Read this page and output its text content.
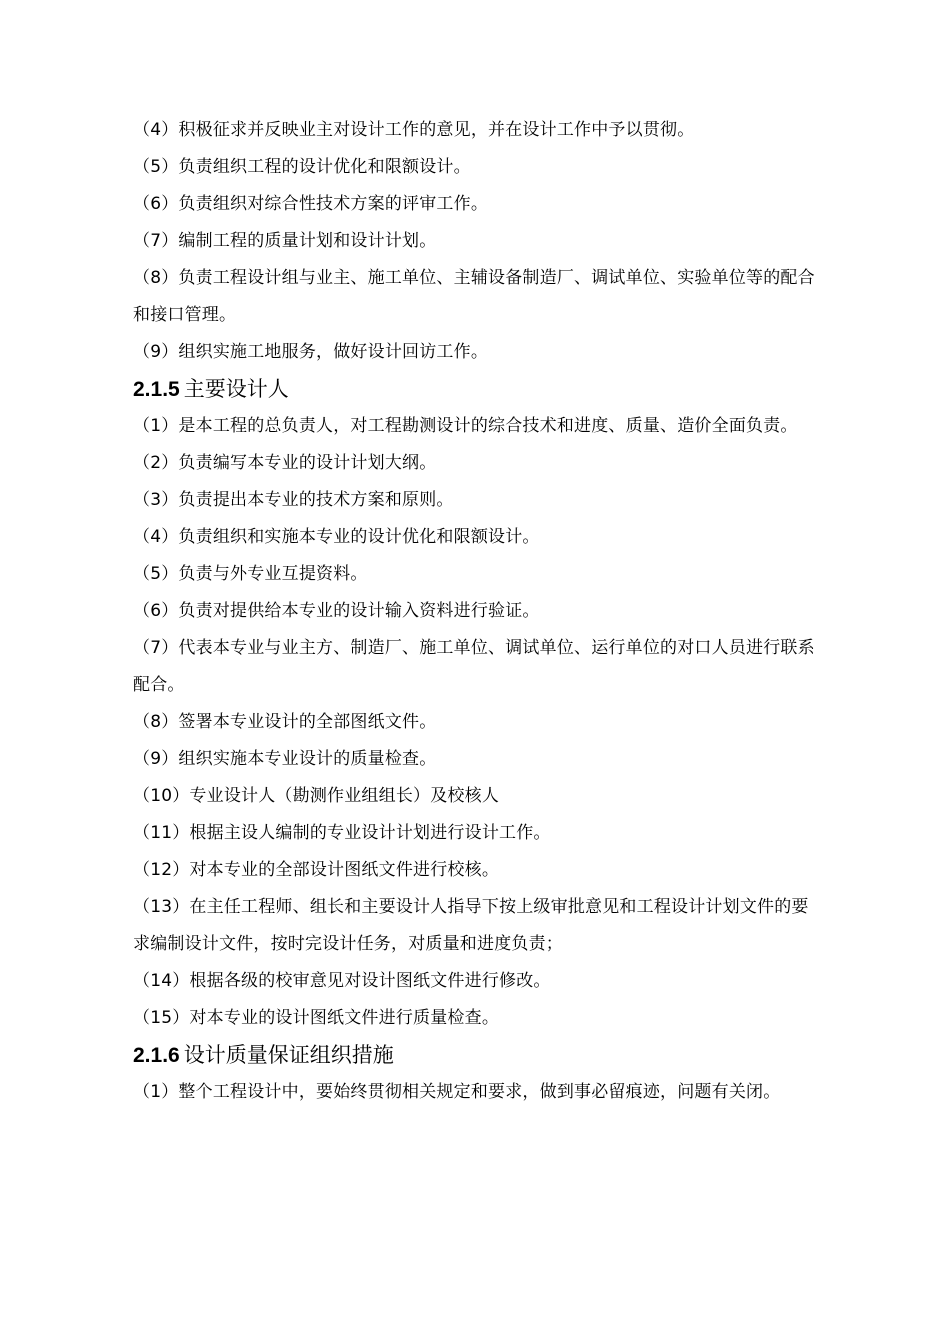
（4）积极征求并反映业主对设计工作的意见，并在设计工作中予以贯彻。

（5）负责组织工程的设计优化和限额设计。

（6）负责组织对综合性技术方案的评审工作。

（7）编制工程的质量计划和设计计划。

（8）负责工程设计组与业主、施工单位、主辅设备制造厂、调试单位、实验单位等的配合和接口管理。

（9）组织实施工地服务，做好设计回访工作。

2.1.5 主要设计人

（1）是本工程的总负责人，对工程勘测设计的综合技术和进度、质量、造价全面负责。

（2）负责编写本专业的设计计划大纲。

（3）负责提出本专业的技术方案和原则。

（4）负责组织和实施本专业的设计优化和限额设计。

（5）负责与外专业互提资料。

（6）负责对提供给本专业的设计输入资料进行验证。

（7）代表本专业与业主方、制造厂、施工单位、调试单位、运行单位的对口人员进行联系配合。

（8）签署本专业设计的全部图纸文件。

（9）组织实施本专业设计的质量检查。

（10）专业设计人（勘测作业组组长）及校核人

（11）根据主设人编制的专业设计计划进行设计工作。

（12）对本专业的全部设计图纸文件进行校核。

（13）在主任工程师、组长和主要设计人指导下按上级审批意见和工程设计计划文件的要求编制设计文件，按时完设计任务，对质量和进度负责；

（14）根据各级的校审意见对设计图纸文件进行修改。

（15）对本专业的设计图纸文件进行质量检查。

2.1.6 设计质量保证组织措施

（1）整个工程设计中，要始终贯彻相关规定和要求，做到事必留痕迹，问题有关闭。
